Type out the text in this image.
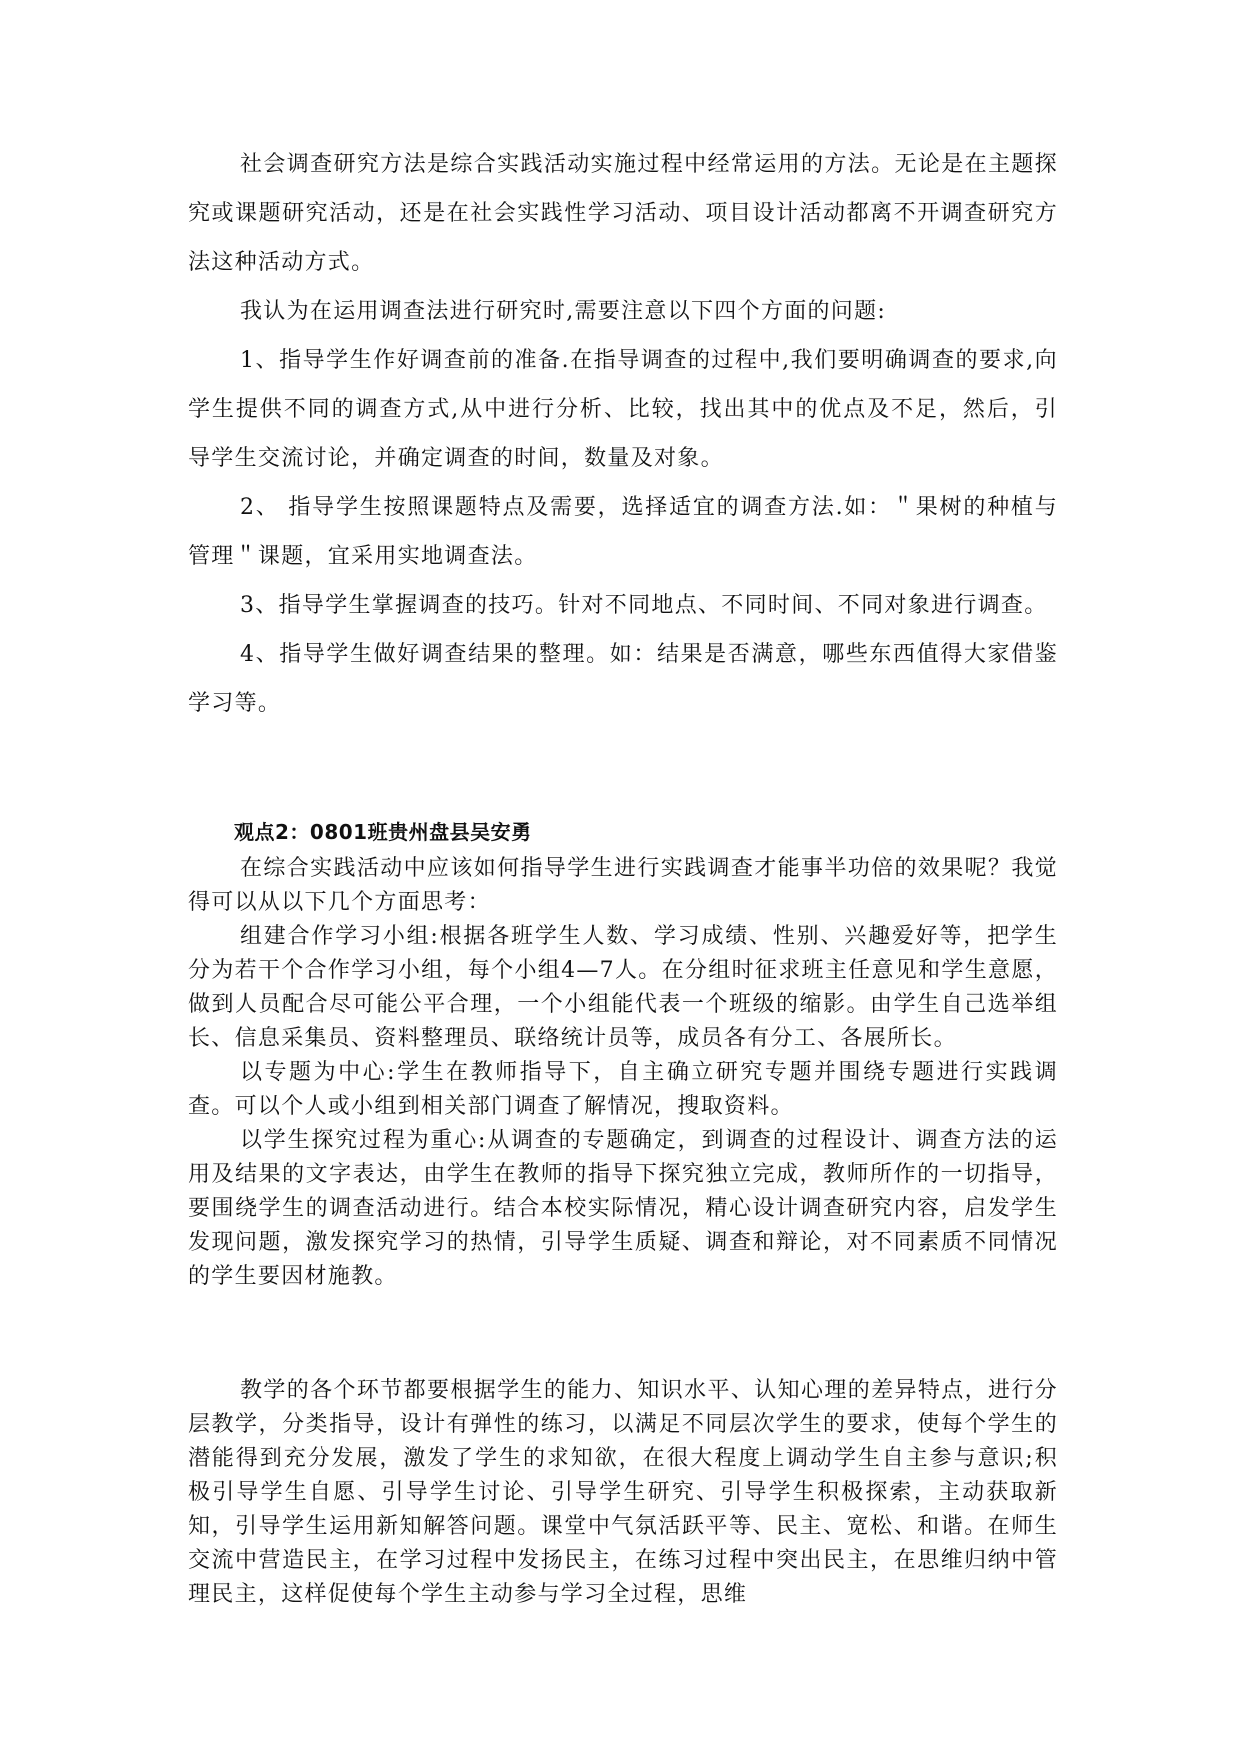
社会调查研究方法是综合实践活动实施过程中经常运用的方法。无论是在主题探究或课题研究活动，还是在社会实践性学习活动、项目设计活动都离不开调查研究方法这种活动方式。

我认为在运用调查法进行研究时,需要注意以下四个方面的问题:

1、指导学生作好调查前的准备.在指导调查的过程中,我们要明确调查的要求,向学生提供不同的调查方式,从中进行分析、比较，找出其中的优点及不足，然后，引导学生交流讨论，并确定调查的时间，数量及对象。

2、 指导学生按照课题特点及需要，选择适宜的调查方法.如：＂果树的种植与管理＂课题，宜采用实地调查法。

3、指导学生掌握调查的技巧。针对不同地点、不同时间、不同对象进行调查。

4、指导学生做好调查结果的整理。如：结果是否满意，哪些东西值得大家借鉴学习等。

观点2：0801班贵州盘县吴安勇

在综合实践活动中应该如何指导学生进行实践调查才能事半功倍的效果呢？我觉得可以从以下几个方面思考：

组建合作学习小组:根据各班学生人数、学习成绩、性别、兴趣爱好等，把学生分为若干个合作学习小组，每个小组4—7人。在分组时征求班主任意见和学生意愿，做到人员配合尽可能公平合理，一个小组能代表一个班级的缩影。由学生自己选举组长、信息采集员、资料整理员、联络统计员等，成员各有分工、各展所长。

以专题为中心:学生在教师指导下，自主确立研究专题并围绕专题进行实践调查。可以个人或小组到相关部门调查了解情况，搜取资料。

以学生探究过程为重心:从调查的专题确定，到调查的过程设计、调查方法的运用及结果的文字表达，由学生在教师的指导下探究独立完成，教师所作的一切指导，要围绕学生的调查活动进行。结合本校实际情况，精心设计调查研究内容，启发学生发现问题，激发探究学习的热情，引导学生质疑、调查和辩论，对不同素质不同情况的学生要因材施教。

教学的各个环节都要根据学生的能力、知识水平、认知心理的差异特点，进行分层教学，分类指导，设计有弹性的练习，以满足不同层次学生的要求，使每个学生的潜能得到充分发展，激发了学生的求知欲，在很大程度上调动学生自主参与意识;积极引导学生自愿、引导学生讨论、引导学生研究、引导学生积极探索，主动获取新知，引导学生运用新知解答问题。课堂中气氛活跃平等、民主、宽松、和谐。在师生交流中营造民主，在学习过程中发扬民主，在练习过程中突出民主，在思维归纳中管理民主，这样促使每个学生主动参与学习全过程，思维
